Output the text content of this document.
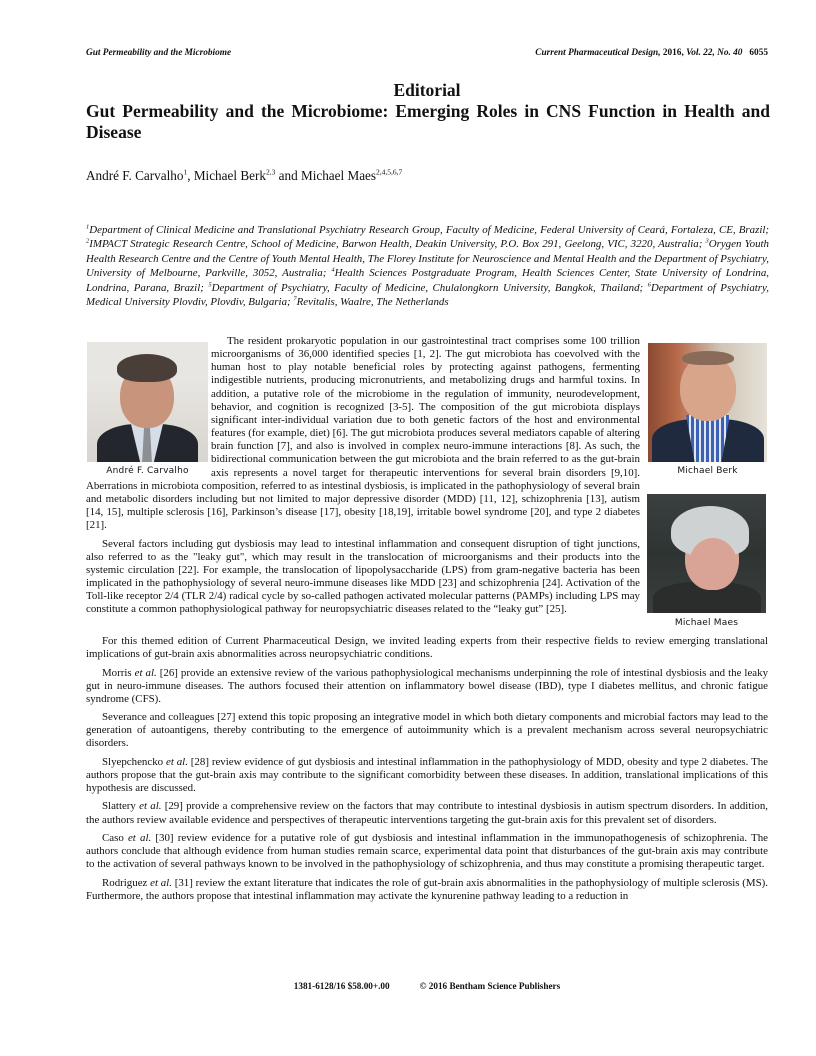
Gut Permeability and the Microbiome	Current Pharmaceutical Design, 2016, Vol. 22, No. 40 6055
Editorial
Gut Permeability and the Microbiome: Emerging Roles in CNS Function in Health and Disease
André F. Carvalho$^1$, Michael Berk$^{2,3}$ and Michael Maes$^{2,4,5,6,7}$
$^1$Department of Clinical Medicine and Translational Psychiatry Research Group, Faculty of Medicine, Federal University of Ceará, Fortaleza, CE, Brazil; $^2$IMPACT Strategic Research Centre, School of Medicine, Barwon Health, Deakin University, P.O. Box 291, Geelong, VIC, 3220, Australia; $^3$Orygen Youth Health Research Centre and the Centre of Youth Mental Health, The Florey Institute for Neuroscience and Mental Health and the Department of Psychiatry, University of Melbourne, Parkville, 3052, Australia; $^4$Health Sciences Postgraduate Program, Health Sciences Center, State University of Londrina, Londrina, Parana, Brazil; $^5$Department of Psychiatry, Faculty of Medicine, Chulalongkorn University, Bangkok, Thailand; $^6$Department of Psychiatry, Medical University Plovdiv, Plovdiv, Bulgaria; $^7$Revitalis, Waalre, The Netherlands
André F. Carvalho	Michael Berk
Michael Maes

The resident prokaryotic population in our gastrointestinal tract comprises some 100 trillion microorganisms of 36,000 identified species [1, 2]. The gut microbiota has coevolved with the human host to play notable beneficial roles by protecting against pathogens, fermenting indigestible nutrients, producing micronutrients, and metabolizing drugs and harmful toxins. In addition, a putative role of the microbiome in the regulation of immunity, neurodevelopment, behavior, and cognition is recognized [3-5]. The composition of the gut microbiota displays significant inter-individual variation due to both genetic factors of the host and environmental features (for example, diet) [6]. The gut microbiota produces several mediators capable of altering brain function [7], and also is involved in complex neuro-immune interactions [8]. As such, the bidirectional communication between the gut microbiota and the brain referred to as the gut-brain axis represents a novel target for therapeutic interventions for several brain disorders [9,10]. Aberrations in microbiota composition, referred to as intestinal dysbiosis, is implicated in the pathophysiology of several brain and metabolic disorders including but not limited to major depressive disorder (MDD) [11, 12], schizophrenia [13], autism [14, 15], multiple sclerosis [16], Parkinson’s disease [17], obesity [18,19], irritable bowel syndrome [20], and type 2 diabetes [21].

Several factors including gut dysbiosis may lead to intestinal inflammation and consequent disruption of tight junctions, also referred to as the "leaky gut", which may result in the translocation of microorganisms and their products into the systemic circulation [22]. For example, the translocation of lipopolysaccharide (LPS) from gram-negative bacteria has been implicated in the pathophysiology of several neuro-immune diseases like MDD [23] and schizophrenia [24]. Activation of the Toll-like receptor 2/4 (TLR 2/4) radical cycle by so-called pathogen activated molecular patterns (PAMPs) including LPS may constitute a common pathophysiological pathway for neuropsychiatric diseases related to the “leaky gut” [25].

For this themed edition of Current Pharmaceutical Design, we invited leading experts from their respective fields to review emerging translational implications of gut-brain axis abnormalities across neuropsychiatric conditions.

Morris et al. [26] provide an extensive review of the various pathophysiological mechanisms underpinning the role of intestinal dysbiosis and the leaky gut in neuro-immune diseases. The authors focused their attention on inflammatory bowel disease (IBD), type I diabetes mellitus, and chronic fatigue syndrome (CFS).

Severance and colleagues [27] extend this topic proposing an integrative model in which both dietary components and microbial factors may lead to the generation of autoantigens, thereby contributing to the emergence of autoimmunity which is a prevalent mechanism across several neuropsychiatric disorders.

Slyepchencko et al. [28] review evidence of gut dysbiosis and intestinal inflammation in the pathophysiology of MDD, obesity and type 2 diabetes. The authors propose that the gut-brain axis may contribute to the significant comorbidity between these diseases. In addition, translational implications of this hypothesis are discussed.

Slattery et al. [29] provide a comprehensive review on the factors that may contribute to intestinal dysbiosis in autism spectrum disorders. In addition, the authors review available evidence and perspectives of therapeutic interventions targeting the gut-brain axis for this prevalent set of disorders.

Caso et al. [30] review evidence for a putative role of gut dysbiosis and intestinal inflammation in the immunopathogenesis of schizophrenia. The authors conclude that although evidence from human studies remain scarce, experimental data point that disturbances of the gut-brain axis may contribute to the activation of several pathways known to be involved in the pathophysiology of schizophrenia, and thus may constitute a promising therapeutic target.

Rodriguez et al. [31] review the extant literature that indicates the role of gut-brain axis abnormalities in the pathophysiology of multiple sclerosis (MS). Furthermore, the authors propose that intestinal inflammation may activate the kynurenine pathway leading to a reduction in

1381-6128/16 $58.00+.00	© 2016 Bentham Science Publishers
